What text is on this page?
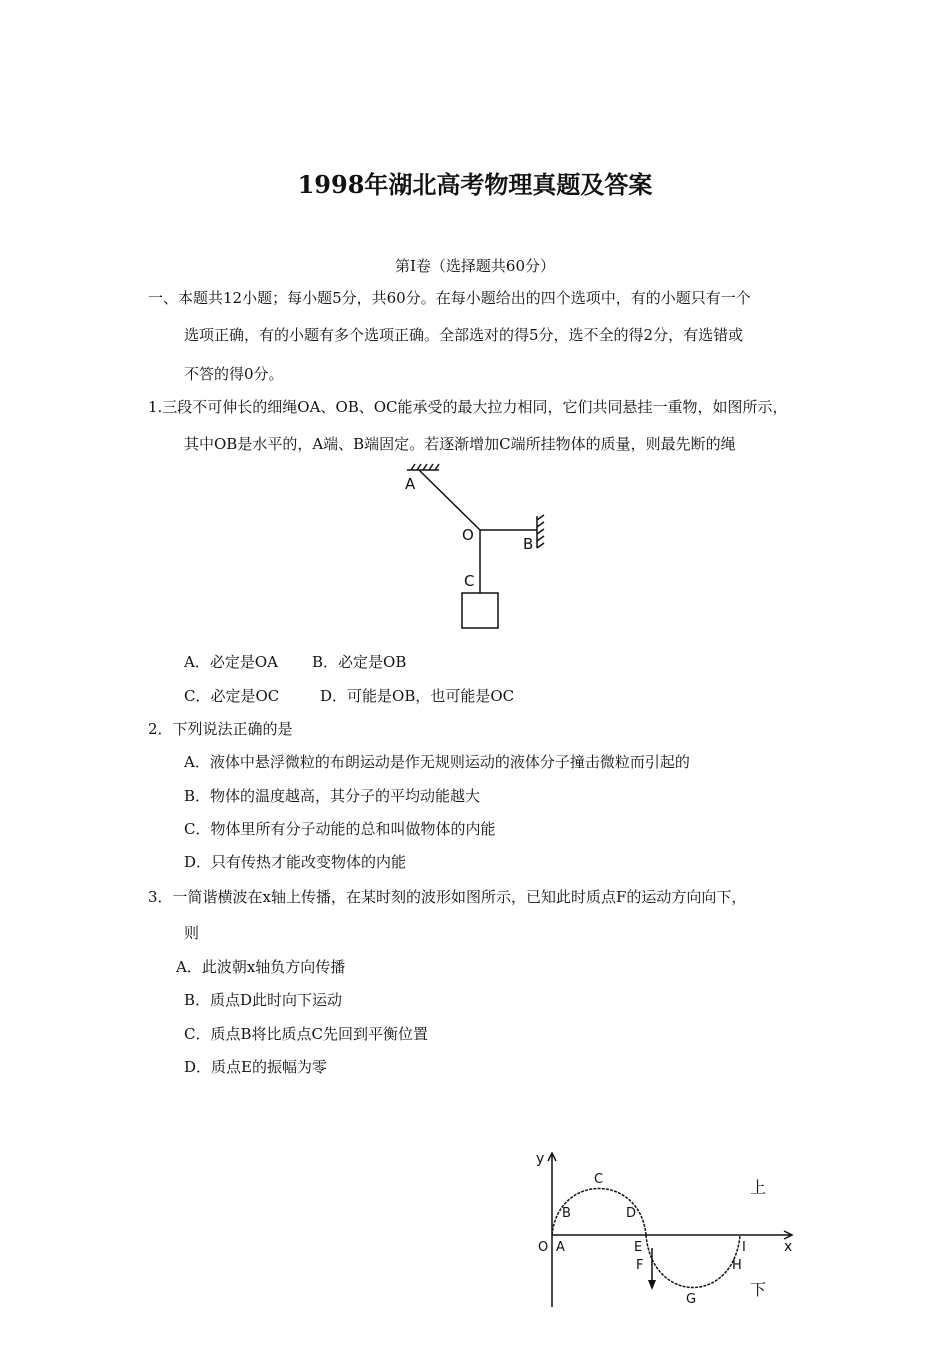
1998年湖北高考物理真题及答案
第Ⅰ卷（选择题共60分）
一、本题共12小题；每小题5分，共60分。在每小题给出的四个选项中，有的小题只有一个
选项正确，有的小题有多个选项正确。全部选对的得5分，选不全的得2分，有选错或
不答的得0分。
1.三段不可伸长的细绳OA、OB、OC能承受的最大拉力相同，它们共同悬挂一重物，如图所示，
其中OB是水平的，A端、B端固定。若逐渐增加C端所挂物体的质量，则最先断的绳
A
O	B
C
A．必定是OA B．必定是OB
C．必定是OC	D．可能是OB，也可能是OC
2．下列说法正确的是
A．液体中悬浮微粒的布朗运动是作无规则运动的液体分子撞击微粒而引起的
B．物体的温度越高，其分子的平均动能越大
C．物体里所有分子动能的总和叫做物体的内能
D．只有传热才能改变物体的内能
3．一简谐横波在x轴上传播，在某时刻的波形如图所示，已知此时质点F的运动方向向下，
则
A．此波朝x轴负方向传播
B．质点D此时向下运动
C．质点B将比质点C先回到平衡位置
D．质点E的振幅为零
y
x
O A
B
C
D
E
F
G
H
I
上
下
